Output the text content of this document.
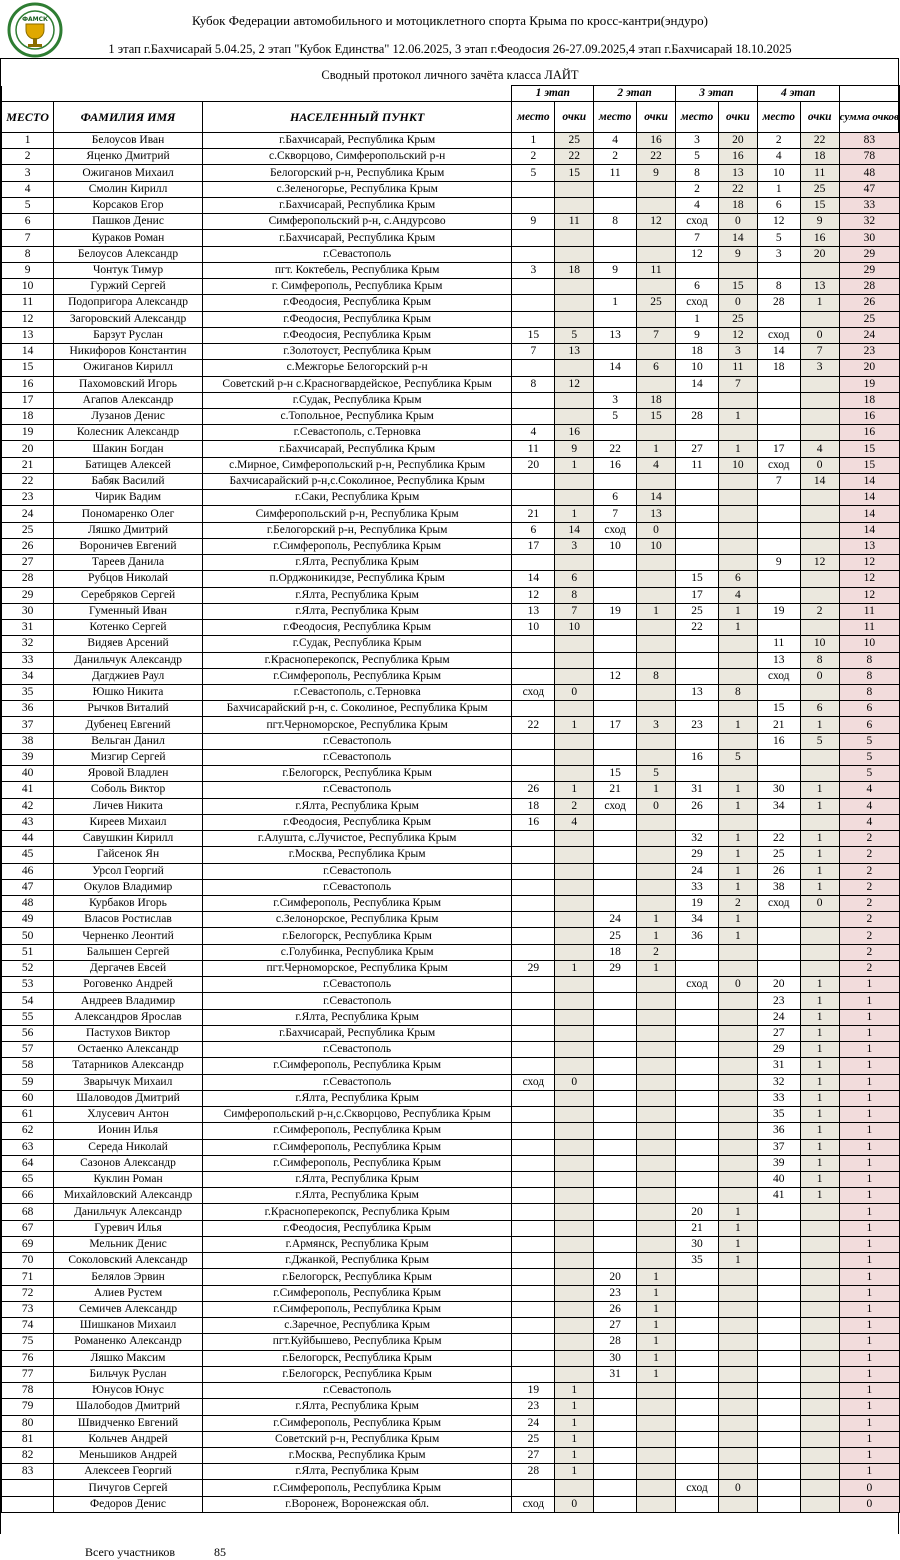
ФАМСК	Кубок Федерации автомобильного и мотоциклетного спорта Крыма по кросс-кантри(эндуро)
1 этап г.Бахчисарай 5.04.25, 2 этап "Кубок Единства" 12.06.2025, 3 этап г.Феодосия 26-27.09.2025,4 этап г.Бахчисарай 18.10.2025
Сводный протокол личного зачёта класса ЛАЙТ
			1 этап		2 этап		3 этап		4 этап		
МЕСТО	ФАМИЛИЯ ИМЯ	НАСЕЛЕННЫЙ ПУНКТ	место	очки	место	очки	место	очки	место	очки	сумма очков
1	Белоусов Иван	г.Бахчисарай, Республика Крым	1	25	4	16	3	20	2	22	83
2	Яценко Дмитрий	с.Скворцово, Симферопольский р-н	2	22	2	22	5	16	4	18	78
3	Ожиганов Михаил	Белогорский р-н, Республика Крым	5	15	11	9	8	13	10	11	48
4	Смолин Кирилл	с.Зеленогорье, Республика Крым					2	22	1	25	47
5	Корсаков Егор	г.Бахчисарай, Республика Крым					4	18	6	15	33
6	Пашков Денис	Симферопольский р-н, с.Андурсово	9	11	8	12	сход	0	12	9	32
7	Кураков Роман	г.Бахчисарай, Республика Крым					7	14	5	16	30
8	Белоусов Александр	г.Севастополь					12	9	3	20	29
9	Чонтук Тимур	пгт. Коктебель, Республика Крым	3	18	9	11					29
10	Гуржий Сергей	г. Симферополь, Республика Крым					6	15	8	13	28
11	Подопригора Александр	г.Феодосия, Республика Крым			1	25	сход	0	28	1	26
12	Загоровский Александр	г.Феодосия, Республика Крым					1	25			25
13	Барзут Руслан	г.Феодосия, Республика Крым	15	5	13	7	9	12	сход	0	24
14	Никифоров Константин	г.Золотоуст, Республика Крым	7	13			18	3	14	7	23
15	Ожиганов Кирилл	с.Межгорье Белогорский р-н			14	6	10	11	18	3	20
16	Пахомовский Игорь	Советский р-н с.Красногвардейское, Республика Крым	8	12			14	7			19
17	Агапов Александр	г.Судак, Республика Крым			3	18					18
18	Лузанов Денис	с.Топольное, Республика Крым			5	15	28	1			16
19	Колесник Александр	г.Севастополь, с.Терновка	4	16							16
20	Шакин Богдан	г.Бахчисарай, Республика Крым	11	9	22	1	27	1	17	4	15
21	Батищев Алексей	с.Мирное, Симферопольский р-н, Республика Крым	20	1	16	4	11	10	сход	0	15
22	Бабяк Василий	Бахчисарайский р-н,с.Соколиное, Республика Крым							7	14	14
23	Чирик Вадим	г.Саки, Республика Крым			6	14					14
24	Пономаренко Олег	Симферопольский р-н, Республика Крым	21	1	7	13					14
25	Ляшко Дмитрий	г.Белогорский р-н, Республика Крым	6	14	сход	0					14
26	Вороничев Евгений	г.Симферополь, Республика Крым	17	3	10	10					13
27	Тареев Данила	г.Ялта, Республика Крым							9	12	12
28	Рубцов Николай	п.Орджоникидзе, Республика Крым	14	6			15	6			12
29	Серебряков Сергей	г.Ялта, Республика Крым	12	8			17	4			12
30	Гуменный Иван	г.Ялта, Республика Крым	13	7	19	1	25	1	19	2	11
31	Котенко Сергей	г.Феодосия, Республика Крым	10	10			22	1			11
32	Видяев Арсений	г.Судак, Республика Крым							11	10	10
33	Данильчук Александр	г.Красноперекопск, Республика Крым							13	8	8
34	Дагджиев Раул	г.Симферополь, Республика Крым			12	8			сход	0	8
35	Юшко Никита	г.Севастополь, с.Терновка	сход	0			13	8			8
36	Рычков Виталий	Бахчисарайский р-н, с. Соколиное, Республика Крым							15	6	6
37	Дубенец Евгений	пгт.Черноморское, Республика Крым	22	1	17	3	23	1	21	1	6
38	Вельган Данил	г.Севастополь							16	5	5
39	Мизгир Сергей	г.Севастополь					16	5			5
40	Яровой Владлен	г.Белогорск, Республика Крым			15	5					5
41	Соболь Виктор	г.Севастополь	26	1	21	1	31	1	30	1	4
42	Личев Никита	г.Ялта, Республика Крым	18	2	сход	0	26	1	34	1	4
43	Киреев Михаил	г.Феодосия, Республика Крым	16	4							4
44	Савушкин Кирилл	г.Алушта, с.Лучистое, Республика Крым					32	1	22	1	2
45	Гайсенок Ян	г.Москва, Республика Крым					29	1	25	1	2
46	Урсол Георгий	г.Севастополь					24	1	26	1	2
47	Окулов Владимир	г.Севастополь					33	1	38	1	2
48	Курбаков Игорь	г.Симферополь, Республика Крым					19	2	сход	0	2
49	Власов Ростислав	с.Зелонорское, Республика Крым			24	1	34	1			2
50	Черненко Леонтий	г.Белогорск, Республика Крым			25	1	36	1			2
51	Балышен Сергей	с.Голубинка, Республика Крым			18	2					2
52	Дергачев Евсей	пгт.Черноморское, Республика Крым	29	1	29	1					2
53	Роговенко Андрей	г.Севастополь					сход	0	20	1	1
54	Андреев Владимир	г.Севастополь							23	1	1
55	Александров Ярослав	г.Ялта, Республика Крым							24	1	1
56	Пастухов Виктор	г.Бахчисарай, Республика Крым							27	1	1
57	Остаенко Александр	г.Севастополь							29	1	1
58	Татарников Александр	г.Симферополь, Республика Крым							31	1	1
59	Зварычук Михаил	г.Севастополь	сход	0					32	1	1
60	Шаловодов Дмитрий	г.Ялта, Республика Крым							33	1	1
61	Хлусевич Антон	Симферопольский р-н,с.Скворцово, Республика Крым							35	1	1
62	Ионин Илья	г.Симферополь, Республика Крым							36	1	1
63	Середа Николай	г.Симферополь, Республика Крым							37	1	1
64	Сазонов Александр	г.Симферополь, Республика Крым							39	1	1
65	Куклин Роман	г.Ялта, Республика Крым							40	1	1
66	Михайловский Александр	г.Ялта, Республика Крым							41	1	1
68	Данильчук Александр	г.Красноперекопск, Республика Крым					20	1			1
67	Гуревич Илья	г.Феодосия, Республика Крым					21	1			1
69	Мельник Денис	г.Армянск, Республика Крым					30	1			1
70	Соколовский Александр	г.Джанкой, Республика Крым					35	1			1
71	Белялов Эрвин	г.Белогорск, Республика Крым			20	1					1
72	Алиев Рустем	г.Симферополь, Республика Крым			23	1					1
73	Семичев Александр	г.Симферополь, Республика Крым			26	1					1
74	Шишканов Михаил	с.Заречное, Республика Крым			27	1					1
75	Романенко Александр	пгт.Куйбышево, Республика Крым			28	1					1
76	Ляшко Максим	г.Белогорск, Республика Крым			30	1					1
77	Бильчук Руслан	г.Белогорск, Республика Крым			31	1					1
78	Юнусов Юнус	г.Севастополь	19	1							1
79	Шалободов Дмитрий	г.Ялта, Республика Крым	23	1							1
80	Швидченко Евгений	г.Симферополь, Республика Крым	24	1							1
81	Кольчев Андрей	Советский р-н, Республика Крым	25	1							1
82	Меньшиков Андрей	г.Москва, Республика Крым	27	1							1
83	Алексеев Георгий	г.Ялта, Республика Крым	28	1							1
	Пичугов Сергей	г.Симферополь, Республика Крым					сход	0			0
	Федоров Денис	г.Воронеж, Воронежская обл.	сход	0							0
Всего участников	85
